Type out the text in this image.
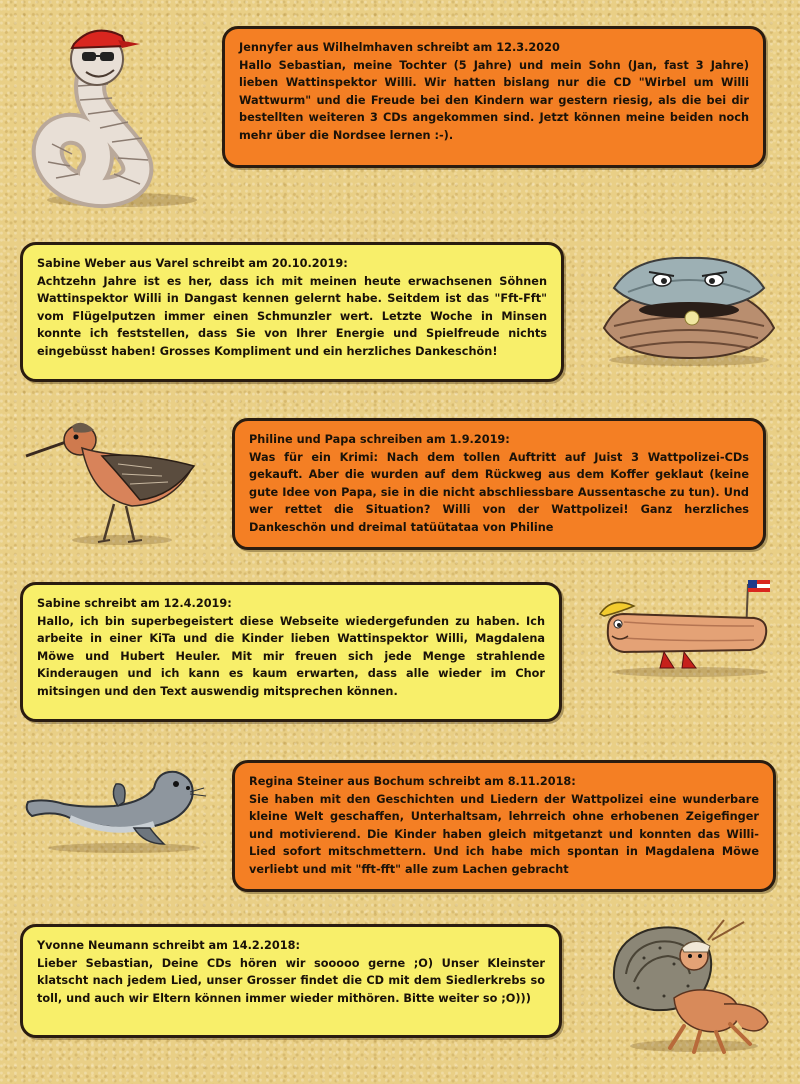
Jennyfer aus Wilhelmhaven schreibt am 12.3.2020
Hallo Sebastian, meine Tochter (5 Jahre) und mein Sohn (Jan, fast 3 Jahre) lieben Wattinspektor Willi. Wir hatten bislang nur die CD "Wirbel um Willi Wattwurm" und die Freude bei den Kindern war gestern riesig, als die bei dir bestellten weiteren 3 CDs angekommen sind. Jetzt können meine beiden noch mehr über die Nordsee lernen :-).
Sabine Weber aus Varel schreibt am 20.10.2019:
Achtzehn Jahre ist es her, dass ich mit meinen heute erwachsenen Söhnen Wattinspektor Willi in Dangast kennen gelernt habe. Seitdem ist das "Fft-Fft" vom Flügelputzen immer einen Schmunzler wert. Letzte Woche in Minsen konnte ich feststellen, dass Sie von Ihrer Energie und Spielfreude nichts eingebüsst haben! Grosses Kompliment und ein herzliches Dankeschön!
Philine und Papa schreiben am 1.9.2019:
Was für ein Krimi: Nach dem tollen Auftritt auf Juist 3 Wattpolizei-CDs gekauft. Aber die wurden auf dem Rückweg aus dem Koffer geklaut (keine gute Idee von Papa, sie in die nicht abschliessbare Aussentasche zu tun). Und wer rettet die Situation? Willi von der Wattpolizei! Ganz herzliches Dankeschön und dreimal tatüütataa von Philine
Sabine schreibt am 12.4.2019:
Hallo, ich bin superbegeistert diese Webseite wiedergefunden zu haben. Ich arbeite in einer KiTa und die Kinder lieben Wattinspektor Willi, Magdalena Möwe und Hubert Heuler. Mit mir freuen sich jede Menge strahlende Kinderaugen und ich kann es kaum erwarten, dass alle wieder im Chor mitsingen und den Text auswendig mitsprechen können.
Regina Steiner aus Bochum schreibt am 8.11.2018:
Sie haben mit den Geschichten und Liedern der Wattpolizei eine wunderbare kleine Welt geschaffen, Unterhaltsam, lehrreich ohne erhobenen Zeigefinger und motivierend. Die Kinder haben gleich mitgetanzt und konnten das Willi-Lied sofort mitschmettern. Und ich habe mich spontan in Magdalena Möwe verliebt und mit "fft-fft" alle zum Lachen gebracht
Yvonne Neumann schreibt am 14.2.2018:
Lieber Sebastian, Deine CDs hören wir sooooo gerne ;O) Unser Kleinster klatscht nach jedem Lied, unser Grosser findet die CD mit dem Siedlerkrebs so toll, und auch wir Eltern können immer wieder mithören. Bitte weiter so ;O)))
